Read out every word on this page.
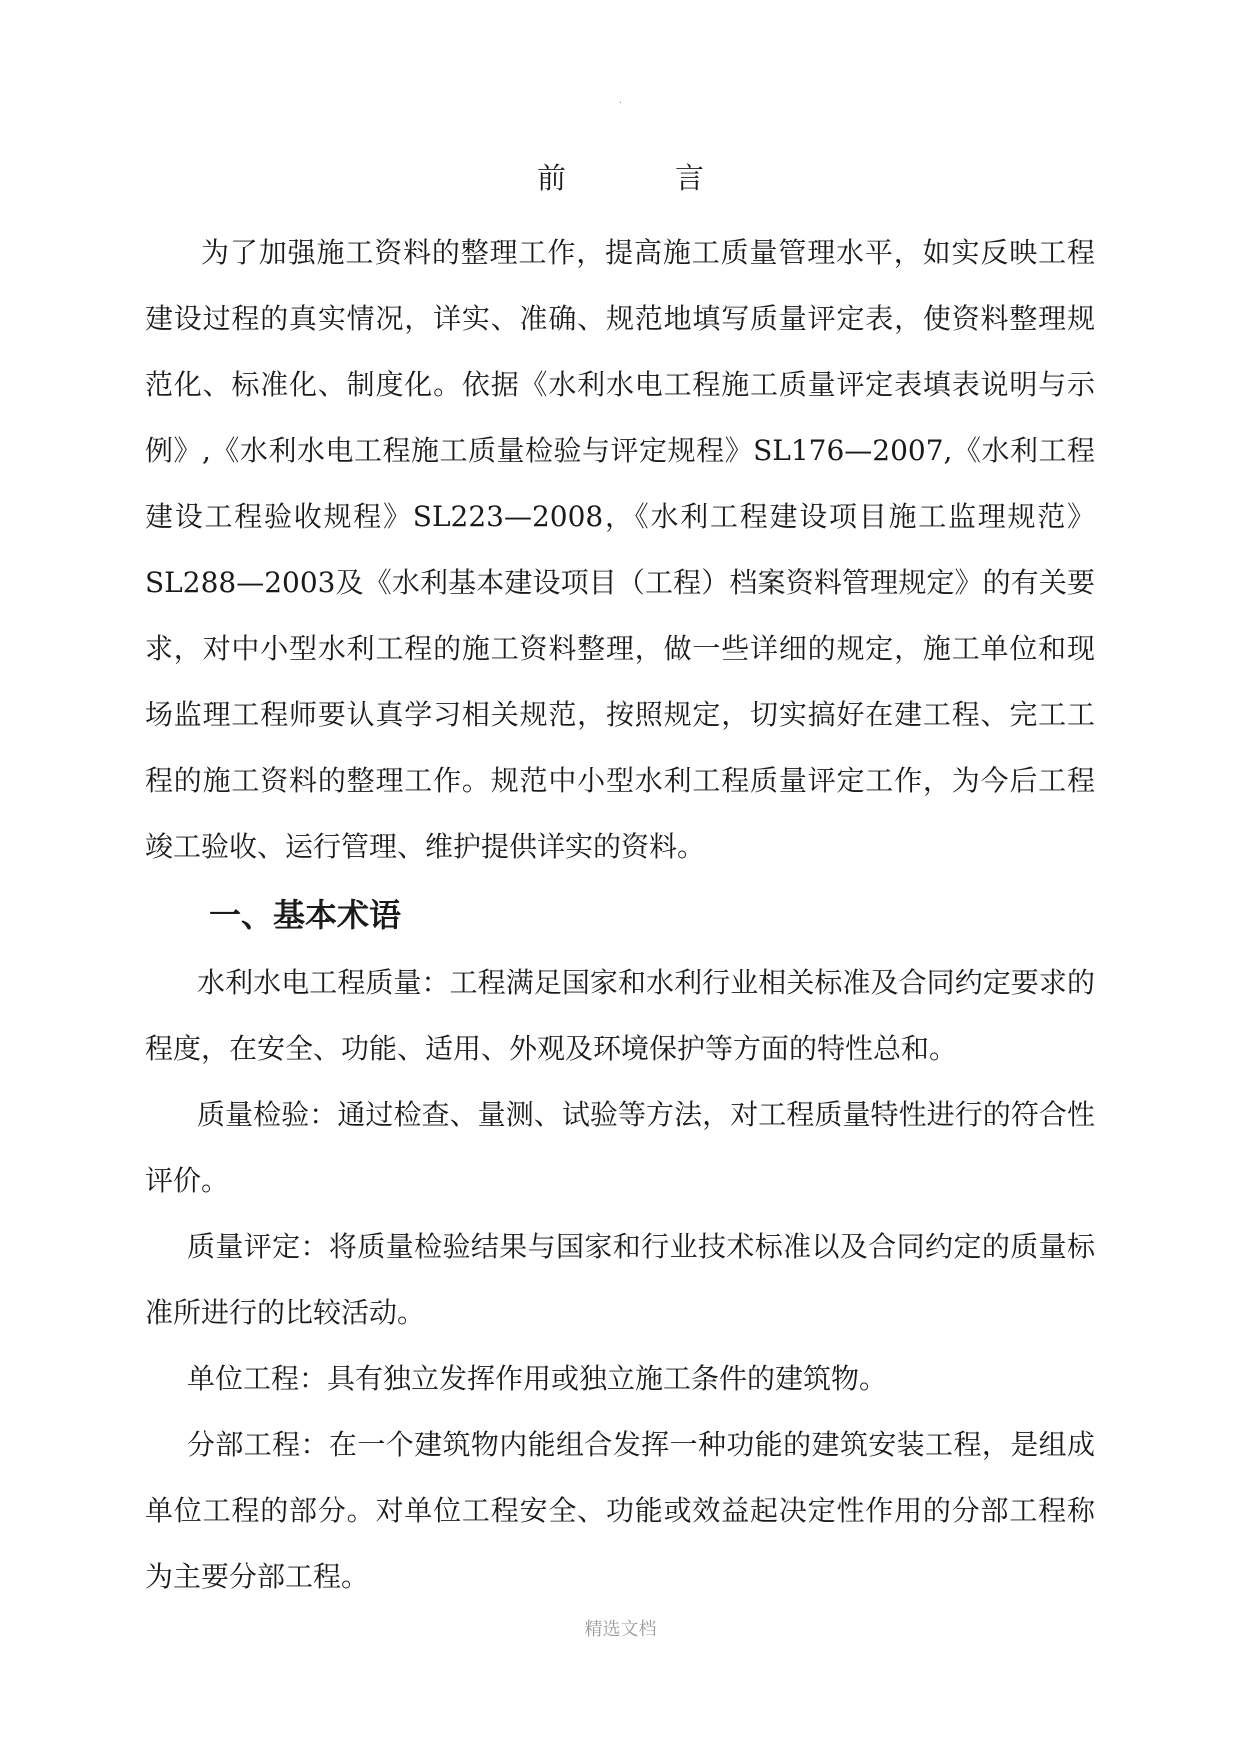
.
前　言

为了加强施工资料的整理工作，提高施工质量管理水平，如实反映工程建设过程的真实情况，详实、准确、规范地填写质量评定表，使资料整理规范化、标准化、制度化。依据《水利水电工程施工质量评定表填表说明与示例》,《水利水电工程施工质量检验与评定规程》SL176—2007,《水利工程建设工程验收规程》SL223—2008，《水利工程建设项目施工监理规范》SL288—2003及《水利基本建设项目（工程）档案资料管理规定》的有关要求，对中小型水利工程的施工资料整理，做一些详细的规定，施工单位和现场监理工程师要认真学习相关规范，按照规定，切实搞好在建工程、完工工程的施工资料的整理工作。规范中小型水利工程质量评定工作，为今后工程竣工验收、运行管理、维护提供详实的资料。

一、基本术语

水利水电工程质量：工程满足国家和水利行业相关标准及合同约定要求的程度，在安全、功能、适用、外观及环境保护等方面的特性总和。

质量检验：通过检查、量测、试验等方法，对工程质量特性进行的符合性评价。

质量评定：将质量检验结果与国家和行业技术标准以及合同约定的质量标准所进行的比较活动。

单位工程：具有独立发挥作用或独立施工条件的建筑物。

分部工程：在一个建筑物内能组合发挥一种功能的建筑安装工程，是组成单位工程的部分。对单位工程安全、功能或效益起决定性作用的分部工程称为主要分部工程。

精选文档
